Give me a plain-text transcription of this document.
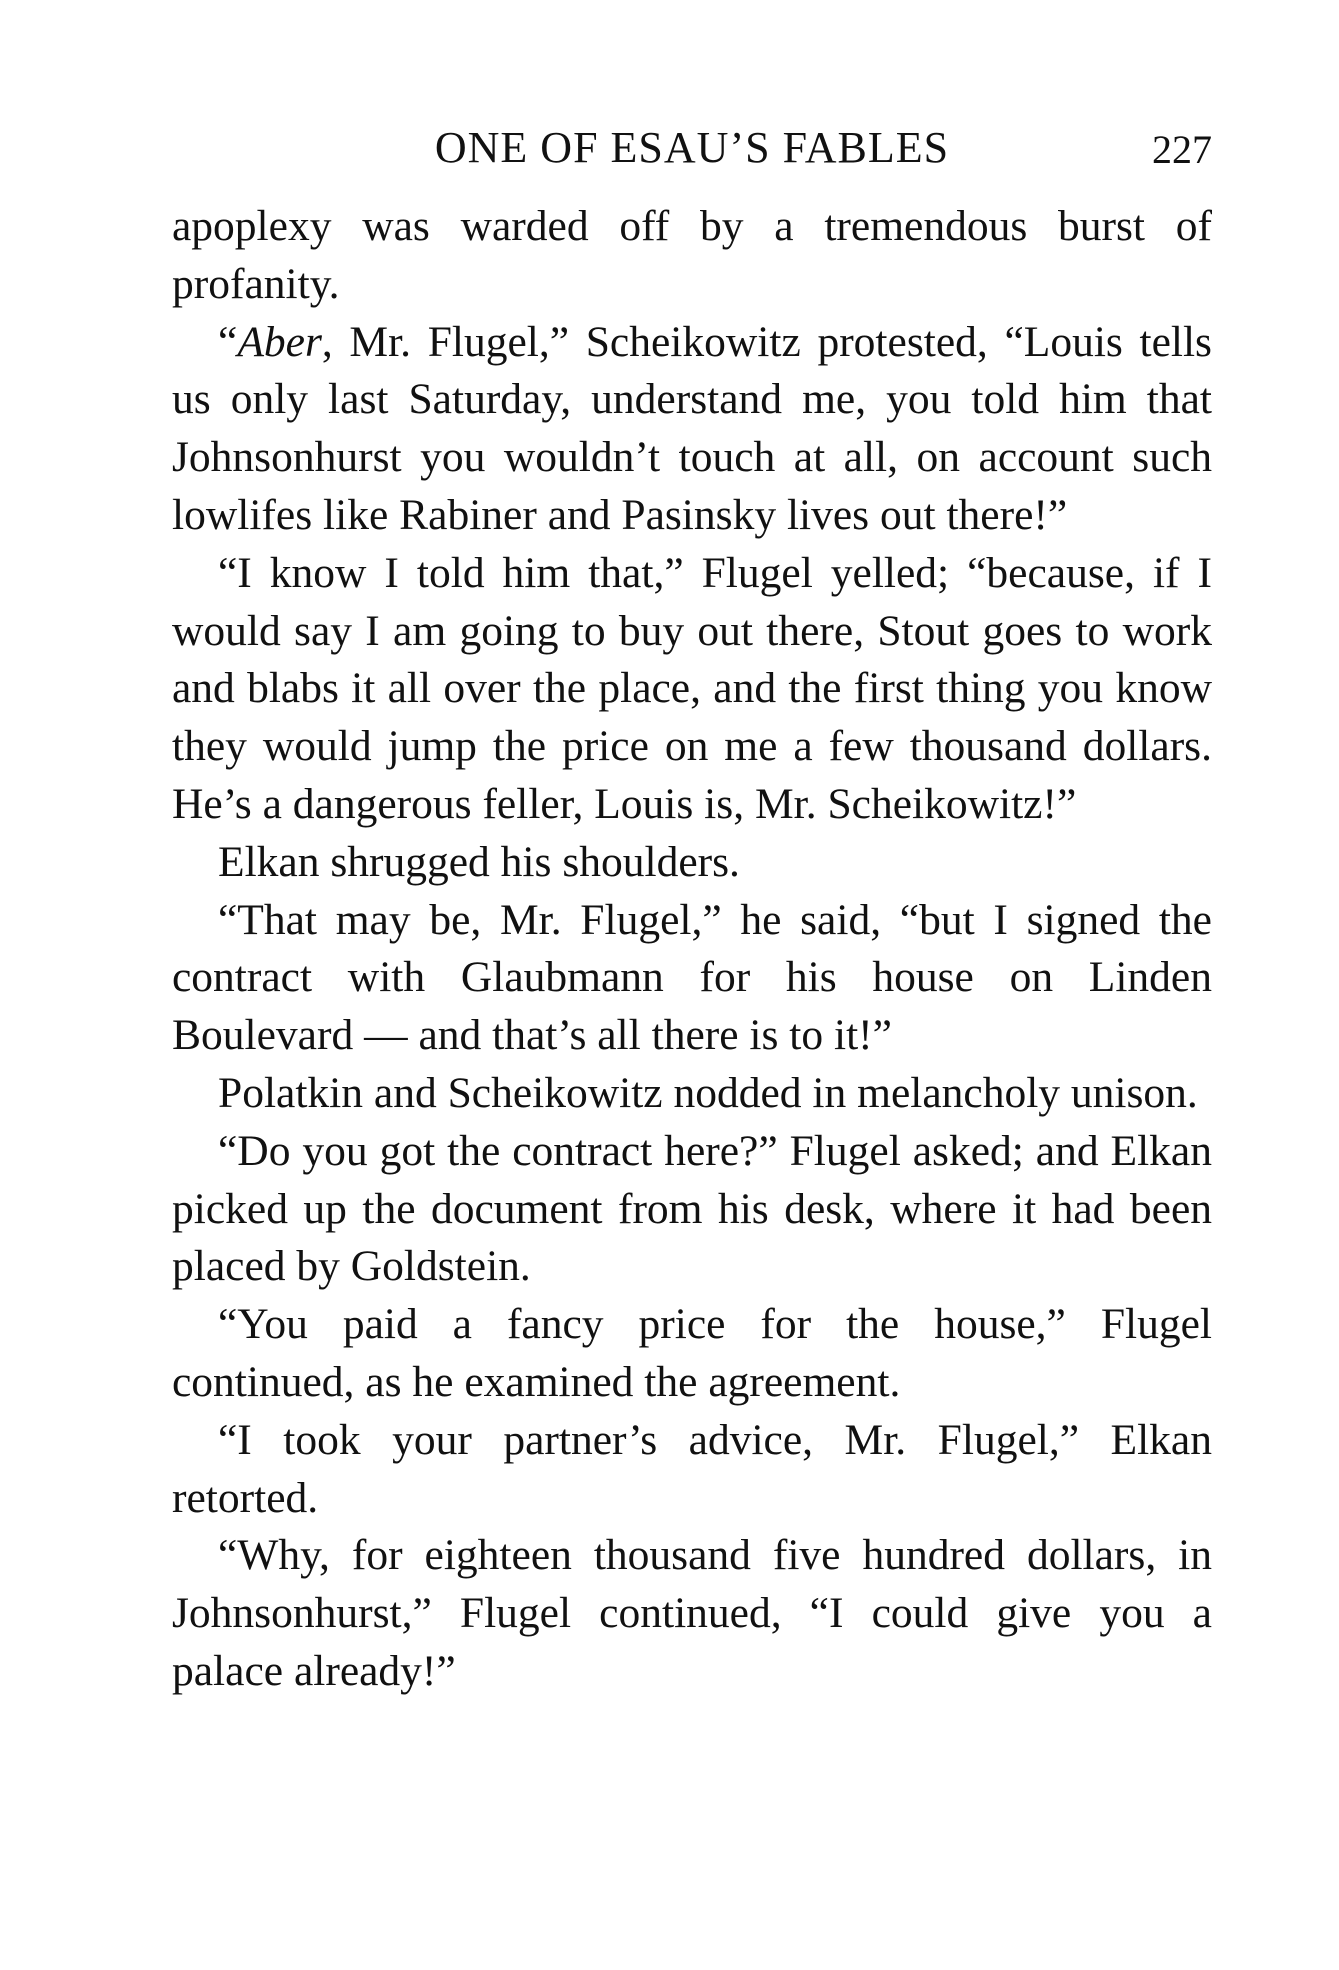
ONE OF ESAU’S FABLES	227

apoplexy was warded off by a tremendous burst of profanity.

“Aber, Mr. Flugel,” Scheikowitz protested, “Louis tells us only last Saturday, understand me, you told him that Johnsonhurst you wouldn’t touch at all, on account such lowlifes like Rabiner and Pasinsky lives out there!”

“I know I told him that,” Flugel yelled; “because, if I would say I am going to buy out there, Stout goes to work and blabs it all over the place, and the first thing you know they would jump the price on me a few thousand dollars. He’s a dangerous feller, Louis is, Mr. Scheikowitz!”

Elkan shrugged his shoulders.

“That may be, Mr. Flugel,” he said, “but I signed the contract with Glaubmann for his house on Linden Boulevard — and that’s all there is to it!”

Polatkin and Scheikowitz nodded in melancholy unison.

“Do you got the contract here?” Flugel asked; and Elkan picked up the document from his desk, where it had been placed by Goldstein.

“You paid a fancy price for the house,” Flugel continued, as he examined the agreement.

“I took your partner’s advice, Mr. Flugel,” Elkan retorted.

“Why, for eighteen thousand five hundred dollars, in Johnsonhurst,” Flugel continued, “I could give you a palace already!”
